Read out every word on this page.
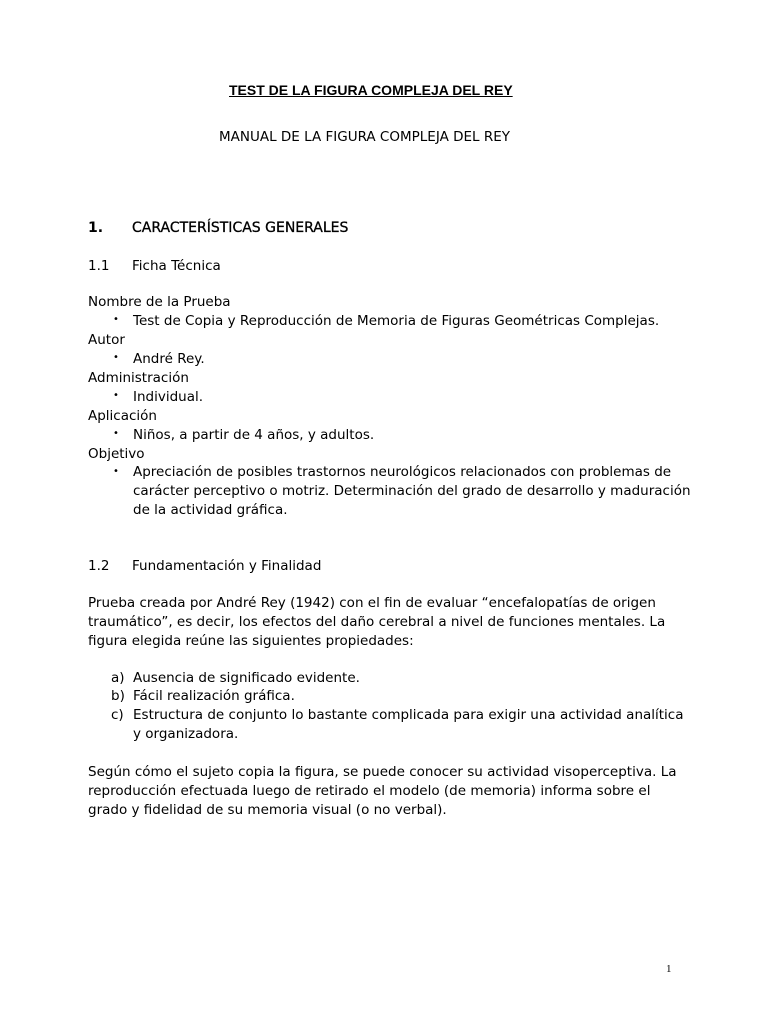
TEST DE LA FIGURA COMPLEJA DEL REY
MANUAL DE LA FIGURA COMPLEJA DEL REY
1. CARACTERÍSTICAS GENERALES
1.1 Ficha Técnica
Nombre de la Prueba
• Test de Copia y Reproducción de Memoria de Figuras Geométricas Complejas.
Autor
• André Rey.
Administración
• Individual.
Aplicación
• Niños, a partir de 4 años, y adultos.
Objetivo
• Apreciación de posibles trastornos neurológicos relacionados con problemas de
carácter perceptivo o motriz. Determinación del grado de desarrollo y maduración
de la actividad gráfica.
1.2 Fundamentación y Finalidad
Prueba creada por André Rey (1942) con el fin de evaluar “encefalopatías de origen
traumático”, es decir, los efectos del daño cerebral a nivel de funciones mentales. La
figura elegida reúne las siguientes propiedades:
a) Ausencia de significado evidente.
b) Fácil realización gráfica.
c) Estructura de conjunto lo bastante complicada para exigir una actividad analítica
y organizadora.
Según cómo el sujeto copia la figura, se puede conocer su actividad visoperceptiva. La
reproducción efectuada luego de retirado el modelo (de memoria) informa sobre el
grado y fidelidad de su memoria visual (o no verbal).
1
